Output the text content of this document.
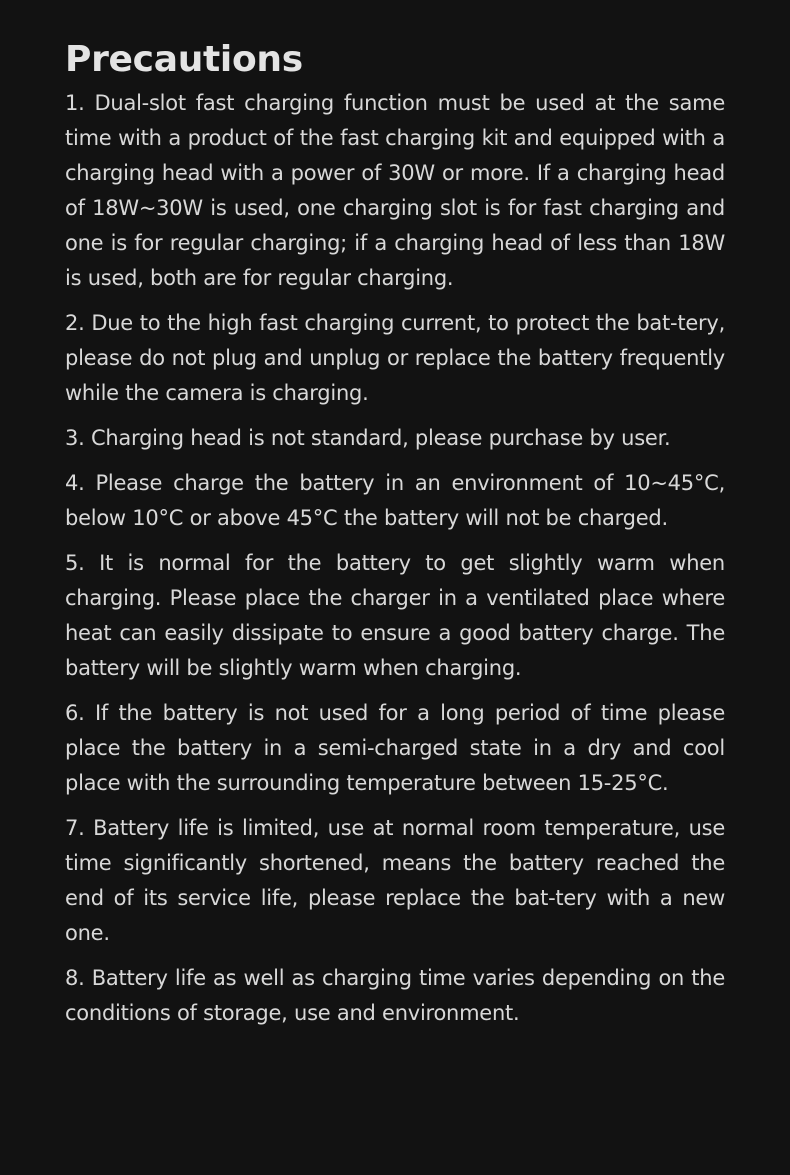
Precautions
1. Dual-slot fast charging function must be used at the same time with a product of the fast charging kit and equipped with a charging head with a power of 30W or more. If a charging head of 18W~30W is used, one charging slot is for fast charging and one is for regular charging; if a charging head of less than 18W is used, both are for regular charging.
2. Due to the high fast charging current, to protect the bat-tery, please do not plug and unplug or replace the battery frequently while the camera is charging.
3. Charging head is not standard, please purchase by user.
4. Please charge the battery in an environment of 10~45°C, below 10°C or above 45°C the battery will not be charged.
5. It is normal for the battery to get slightly warm when charging. Please place the charger in a ventilated place where heat can easily dissipate to ensure a good battery charge. The battery will be slightly warm when charging.
6. If the battery is not used for a long period of time please place the battery in a semi-charged state in a dry and cool place with the surrounding temperature between 15-25°C.
7. Battery life is limited, use at normal room temperature, use time significantly shortened, means the battery reached the end of its service life, please replace the bat-tery with a new one.
8. Battery life as well as charging time varies depending on the conditions of storage, use and environment.
